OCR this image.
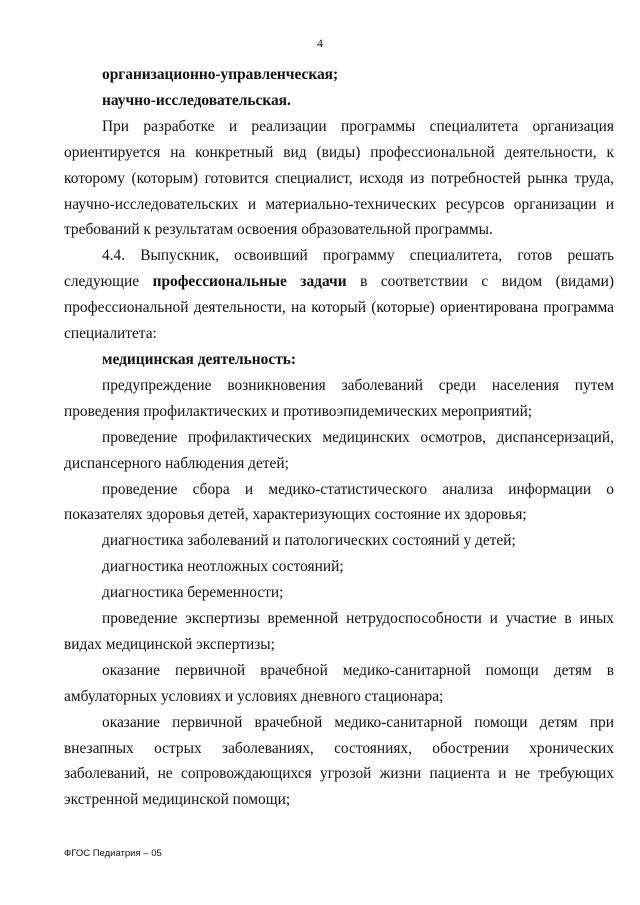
4

организационно-управленческая;

научно-исследовательская.

При разработке и реализации программы специалитета организация ориентируется на конкретный вид (виды) профессиональной деятельности, к которому (которым) готовится специалист, исходя из потребностей рынка труда, научно-исследовательских и материально-технических ресурсов организации и требований к результатам освоения образовательной программы.

4.4. Выпускник, освоивший программу специалитета, готов решать следующие профессиональные задачи в соответствии с видом (видами) профессиональной деятельности, на который (которые) ориентирована программа специалитета:

медицинская деятельность:

предупреждение возникновения заболеваний среди населения путем проведения профилактических и противоэпидемических мероприятий;

проведение профилактических медицинских осмотров, диспансеризаций, диспансерного наблюдения детей;

проведение сбора и медико-статистического анализа информации о показателях здоровья детей, характеризующих состояние их здоровья;

диагностика заболеваний и патологических состояний у детей;

диагностика неотложных состояний;

диагностика беременности;

проведение экспертизы временной нетрудоспособности и участие в иных видах медицинской экспертизы;

оказание первичной врачебной медико-санитарной помощи детям в амбулаторных условиях и условиях дневного стационара;

оказание первичной врачебной медико-санитарной помощи детям при внезапных острых заболеваниях, состояниях, обострении хронических заболеваний, не сопровождающихся угрозой жизни пациента и не требующих экстренной медицинской помощи;

ФГОС Педиатрия – 05
